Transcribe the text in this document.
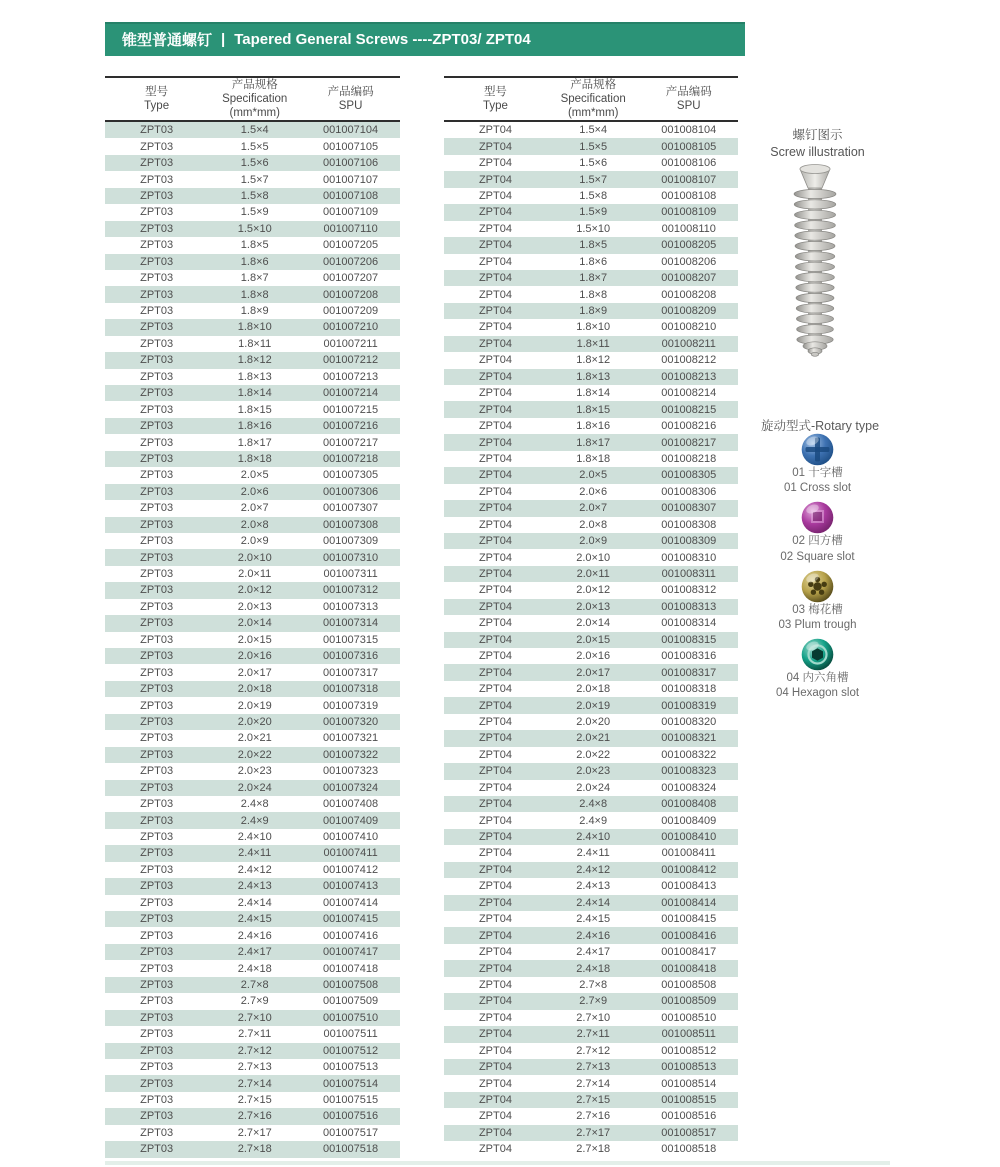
锥型普通螺钉 | Tapered General Screws ----ZPT03/ ZPT04
型号
Type
产品规格
Specification
(mm*mm)
产品编码
SPU
ZPT03	1.5×4	001007104
ZPT03	1.5×5	001007105
ZPT03	1.5×6	001007106
ZPT03	1.5×7	001007107
ZPT03	1.5×8	001007108
ZPT03	1.5×9	001007109
ZPT03	1.5×10	001007110
ZPT03	1.8×5	001007205
ZPT03	1.8×6	001007206
ZPT03	1.8×7	001007207
ZPT03	1.8×8	001007208
ZPT03	1.8×9	001007209
ZPT03	1.8×10	001007210
ZPT03	1.8×11	001007211
ZPT03	1.8×12	001007212
ZPT03	1.8×13	001007213
ZPT03	1.8×14	001007214
ZPT03	1.8×15	001007215
ZPT03	1.8×16	001007216
ZPT03	1.8×17	001007217
ZPT03	1.8×18	001007218
ZPT03	2.0×5	001007305
ZPT03	2.0×6	001007306
ZPT03	2.0×7	001007307
ZPT03	2.0×8	001007308
ZPT03	2.0×9	001007309
ZPT03	2.0×10	001007310
ZPT03	2.0×11	001007311
ZPT03	2.0×12	001007312
ZPT03	2.0×13	001007313
ZPT03	2.0×14	001007314
ZPT03	2.0×15	001007315
ZPT03	2.0×16	001007316
ZPT03	2.0×17	001007317
ZPT03	2.0×18	001007318
ZPT03	2.0×19	001007319
ZPT03	2.0×20	001007320
ZPT03	2.0×21	001007321
ZPT03	2.0×22	001007322
ZPT03	2.0×23	001007323
ZPT03	2.0×24	001007324
ZPT03	2.4×8	001007408
ZPT03	2.4×9	001007409
ZPT03	2.4×10	001007410
ZPT03	2.4×11	001007411
ZPT03	2.4×12	001007412
ZPT03	2.4×13	001007413
ZPT03	2.4×14	001007414
ZPT03	2.4×15	001007415
ZPT03	2.4×16	001007416
ZPT03	2.4×17	001007417
ZPT03	2.4×18	001007418
ZPT03	2.7×8	001007508
ZPT03	2.7×9	001007509
ZPT03	2.7×10	001007510
ZPT03	2.7×11	001007511
ZPT03	2.7×12	001007512
ZPT03	2.7×13	001007513
ZPT03	2.7×14	001007514
ZPT03	2.7×15	001007515
ZPT03	2.7×16	001007516
ZPT03	2.7×17	001007517
ZPT03	2.7×18	001007518
型号
Type
产品规格
Specification
(mm*mm)
产品编码
SPU
ZPT04	1.5×4	001008104
ZPT04	1.5×5	001008105
ZPT04	1.5×6	001008106
ZPT04	1.5×7	001008107
ZPT04	1.5×8	001008108
ZPT04	1.5×9	001008109
ZPT04	1.5×10	001008110
ZPT04	1.8×5	001008205
ZPT04	1.8×6	001008206
ZPT04	1.8×7	001008207
ZPT04	1.8×8	001008208
ZPT04	1.8×9	001008209
ZPT04	1.8×10	001008210
ZPT04	1.8×11	001008211
ZPT04	1.8×12	001008212
ZPT04	1.8×13	001008213
ZPT04	1.8×14	001008214
ZPT04	1.8×15	001008215
ZPT04	1.8×16	001008216
ZPT04	1.8×17	001008217
ZPT04	1.8×18	001008218
ZPT04	2.0×5	001008305
ZPT04	2.0×6	001008306
ZPT04	2.0×7	001008307
ZPT04	2.0×8	001008308
ZPT04	2.0×9	001008309
ZPT04	2.0×10	001008310
ZPT04	2.0×11	001008311
ZPT04	2.0×12	001008312
ZPT04	2.0×13	001008313
ZPT04	2.0×14	001008314
ZPT04	2.0×15	001008315
ZPT04	2.0×16	001008316
ZPT04	2.0×17	001008317
ZPT04	2.0×18	001008318
ZPT04	2.0×19	001008319
ZPT04	2.0×20	001008320
ZPT04	2.0×21	001008321
ZPT04	2.0×22	001008322
ZPT04	2.0×23	001008323
ZPT04	2.0×24	001008324
ZPT04	2.4×8	001008408
ZPT04	2.4×9	001008409
ZPT04	2.4×10	001008410
ZPT04	2.4×11	001008411
ZPT04	2.4×12	001008412
ZPT04	2.4×13	001008413
ZPT04	2.4×14	001008414
ZPT04	2.4×15	001008415
ZPT04	2.4×16	001008416
ZPT04	2.4×17	001008417
ZPT04	2.4×18	001008418
ZPT04	2.7×8	001008508
ZPT04	2.7×9	001008509
ZPT04	2.7×10	001008510
ZPT04	2.7×11	001008511
ZPT04	2.7×12	001008512
ZPT04	2.7×13	001008513
ZPT04	2.7×14	001008514
ZPT04	2.7×15	001008515
ZPT04	2.7×16	001008516
ZPT04	2.7×17	001008517
ZPT04	2.7×18	001008518
螺钉图示
Screw illustration
旋动型式-Rotary type
01 十字槽
01 Cross slot
02 四方槽
02 Square slot
03 梅花槽
03 Plum trough
04 内六角槽
04 Hexagon slot
